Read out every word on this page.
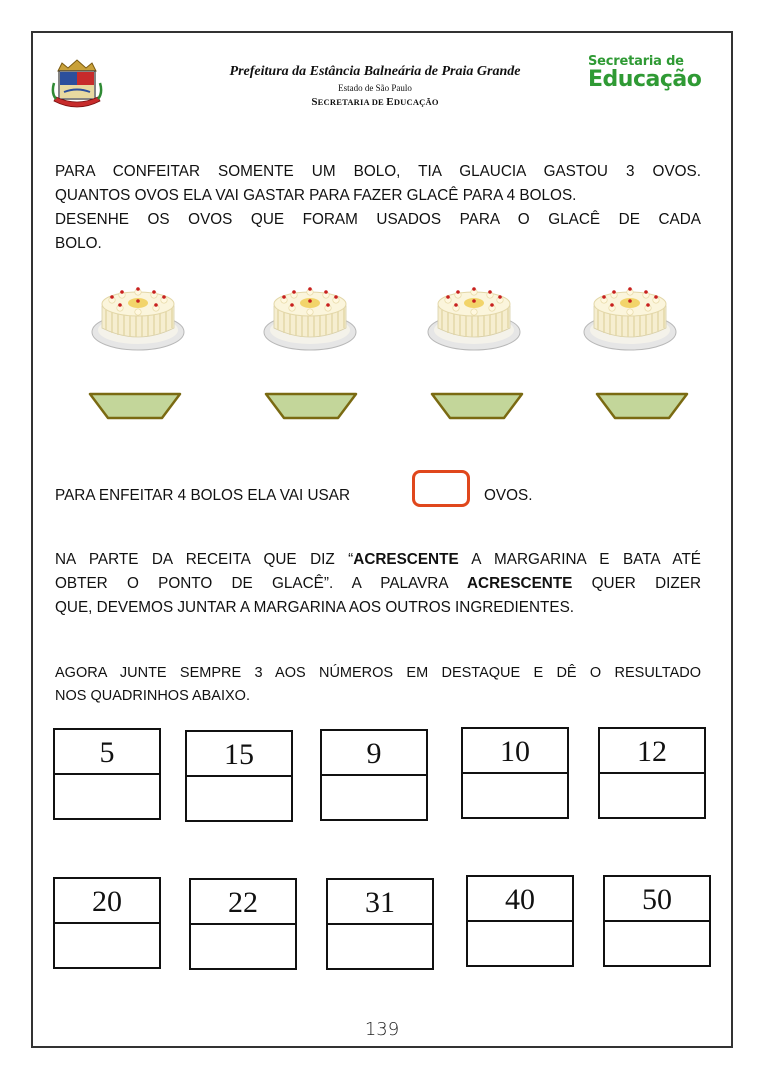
Prefeitura da Estância Balneária de Praia Grande
Estado de São Paulo
SECRETARIA DE EDUCAÇÃO
Secretaria de
Educação
PARA CONFEITAR SOMENTE UM BOLO, TIA GLAUCIA GASTOU 3 OVOS.
QUANTOS OVOS ELA VAI GASTAR PARA FAZER GLACÊ PARA 4 BOLOS.
DESENHE OS OVOS QUE FORAM USADOS PARA O GLACÊ DE CADA
BOLO.
PARA ENFEITAR 4 BOLOS ELA VAI USAR	OVOS.
NA PARTE DA RECEITA QUE DIZ “ACRESCENTE A MARGARINA E BATA ATÉ
OBTER O PONTO DE GLACÊ”. A PALAVRA ACRESCENTE QUER DIZER
QUE, DEVEMOS JUNTAR A MARGARINA AOS OUTROS INGREDIENTES.
AGORA JUNTE SEMPRE 3 AOS NÚMEROS EM DESTAQUE E DÊ O RESULTADO
NOS QUADRINHOS ABAIXO.
5	15	9	10	12
20	22	31	40	50
139
